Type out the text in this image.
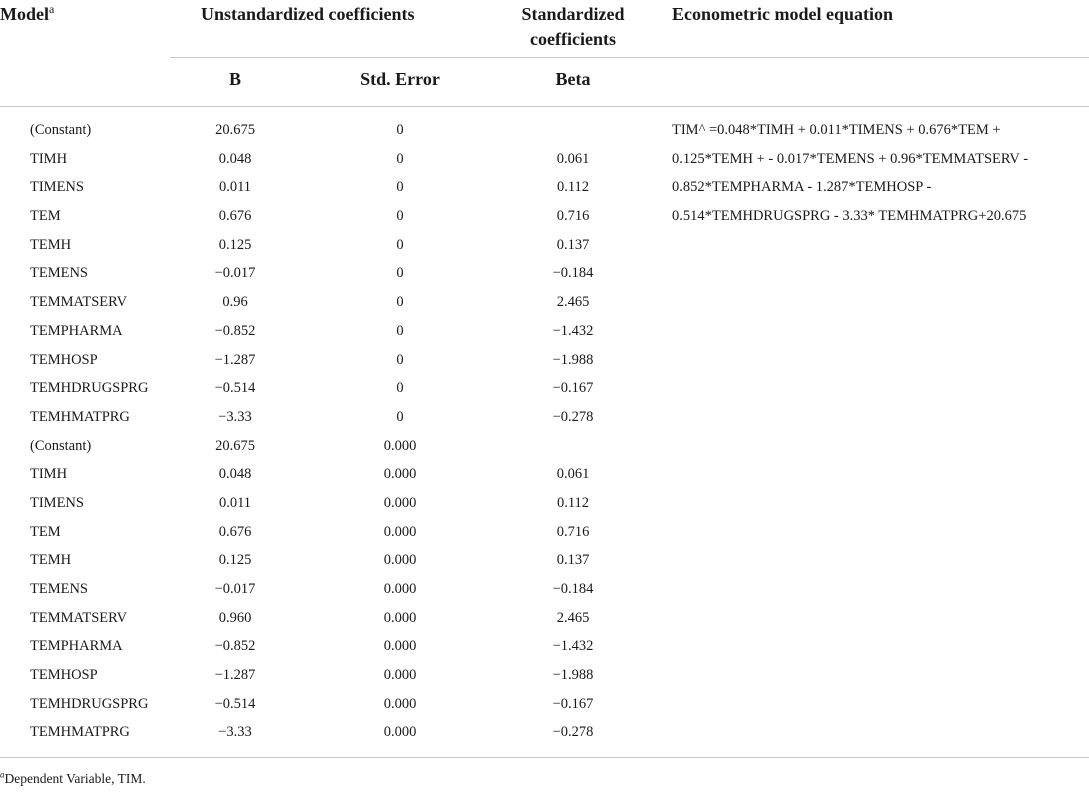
Model$^a$	Unstandardized coefficients	Standardized
coefficients
Econometric model equation
B	Std. Error	Beta
(Constant)	20.675	0
TIMH	0.048	0	0.061
TIMENS	0.011	0	0.112
TEM	0.676	0	0.716
TEMH	0.125	0	0.137
TEMENS	−0.017	0	−0.184
TEMMATSERV	0.96	0	2.465
TEMPHARMA	−0.852	0	−1.432
TEMHOSP	−1.287	0	−1.988
TEMHDRUGSPRG	−0.514	0	−0.167
TEMHMATPRG	−3.33	0	−0.278
(Constant)	20.675	0.000
TIMH	0.048	0.000	0.061
TIMENS	0.011	0.000	0.112
TEM	0.676	0.000	0.716
TEMH	0.125	0.000	0.137
TEMENS	−0.017	0.000	−0.184
TEMMATSERV	0.960	0.000	2.465
TEMPHARMA	−0.852	0.000	−1.432
TEMHOSP	−1.287	0.000	−1.988
TEMHDRUGSPRG	−0.514	0.000	−0.167
TEMHMATPRG	−3.33	0.000	−0.278
TIM^ =0.048*TIMH + 0.011*TIMENS + 0.676*TEM +
0.125*TEMH + - 0.017*TEMENS + 0.96*TEMMATSERV -
0.852*TEMPHARMA - 1.287*TEMHOSP -
0.514*TEMHDRUGSPRG - 3.33* TEMHMATPRG+20.675
$^a$Dependent Variable, TIM.
